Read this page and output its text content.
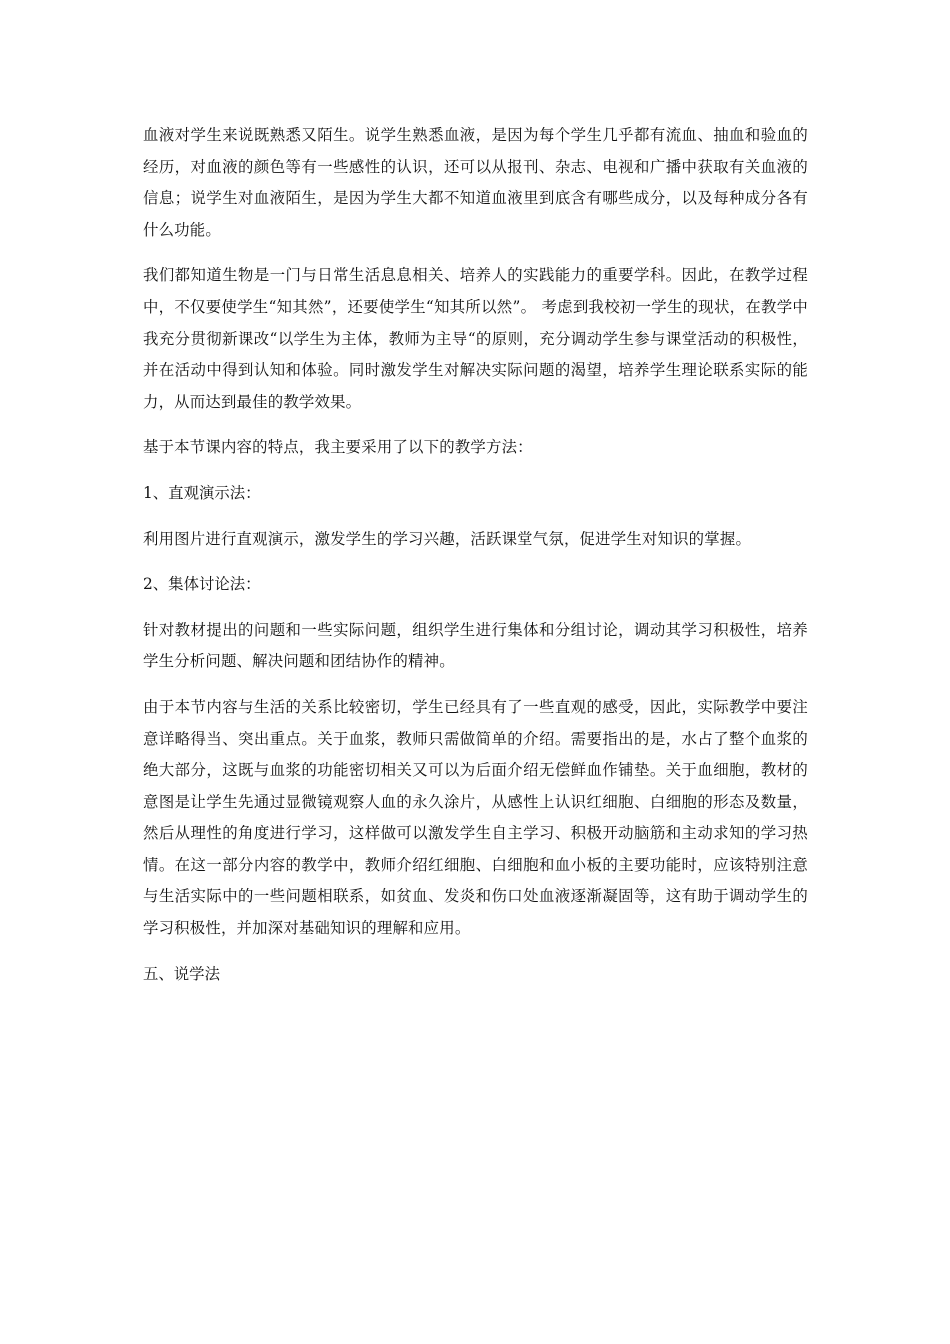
血液对学生来说既熟悉又陌生。说学生熟悉血液，是因为每个学生几乎都有流血、抽血和验血的经历，对血液的颜色等有一些感性的认识，还可以从报刊、杂志、电视和广播中获取有关血液的信息；说学生对血液陌生，是因为学生大都不知道血液里到底含有哪些成分，以及每种成分各有什么功能。

我们都知道生物是一门与日常生活息息相关、培养人的实践能力的重要学科。因此，在教学过程中，不仅要使学生“知其然”，还要使学生“知其所以然”。 考虑到我校初一学生的现状，在教学中我充分贯彻新课改“以学生为主体，教师为主导“的原则，充分调动学生参与课堂活动的积极性，并在活动中得到认知和体验。同时激发学生对解决实际问题的渴望，培养学生理论联系实际的能力，从而达到最佳的教学效果。

基于本节课内容的特点，我主要采用了以下的教学方法：

1、直观演示法：

利用图片进行直观演示，激发学生的学习兴趣，活跃课堂气氛，促进学生对知识的掌握。

2、集体讨论法：

针对教材提出的问题和一些实际问题，组织学生进行集体和分组讨论，调动其学习积极性，培养学生分析问题、解决问题和团结协作的精神。

由于本节内容与生活的关系比较密切，学生已经具有了一些直观的感受，因此，实际教学中要注意详略得当、突出重点。关于血浆，教师只需做简单的介绍。需要指出的是，水占了整个血浆的绝大部分，这既与血浆的功能密切相关又可以为后面介绍无偿鲜血作铺垫。关于血细胞，教材的意图是让学生先通过显微镜观察人血的永久涂片，从感性上认识红细胞、白细胞的形态及数量，然后从理性的角度进行学习，这样做可以激发学生自主学习、积极开动脑筋和主动求知的学习热情。在这一部分内容的教学中，教师介绍红细胞、白细胞和血小板的主要功能时，应该特别注意与生活实际中的一些问题相联系，如贫血、发炎和伤口处血液逐渐凝固等，这有助于调动学生的学习积极性，并加深对基础知识的理解和应用。

五、说学法
